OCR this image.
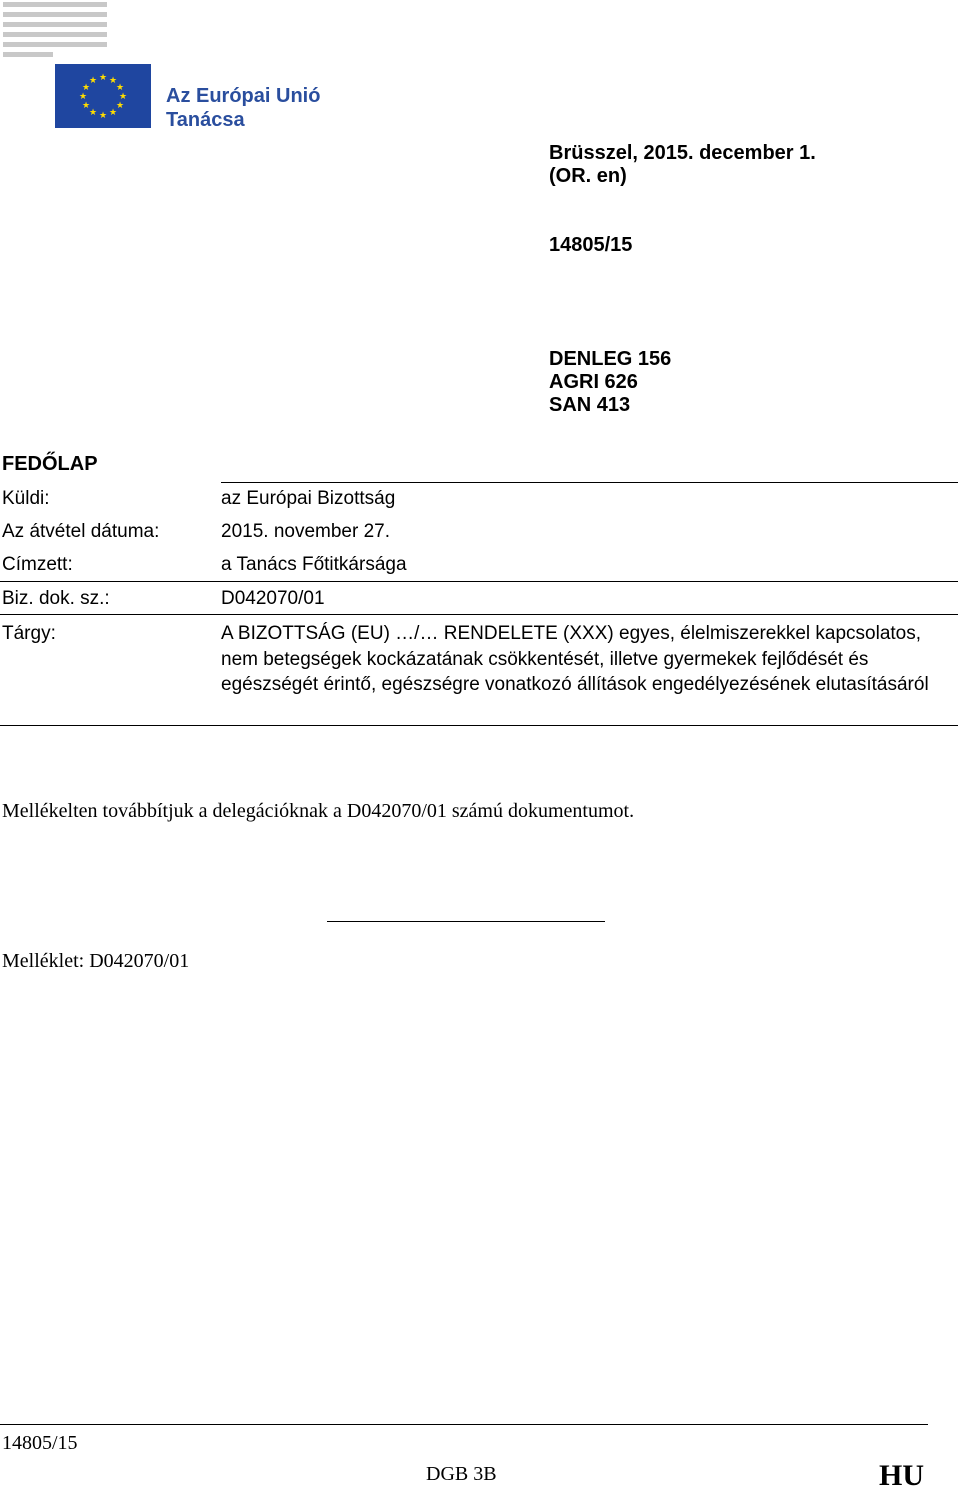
★ ★
★
★
★
★
★
★
★
★
★
★
Az Európai Unió
Tanácsa
Brüsszel, 2015. december 1.
(OR. en)
14805/15
DENLEG 156
AGRI 626
SAN 413
FEDŐLAP
Küldi:	az Európai Bizottság
Az átvétel dátuma:	2015. november 27.
Címzett:	a Tanács Főtitkársága
Biz. dok. sz.:	D042070/01
Tárgy:	A BIZOTTSÁG (EU) …/… RENDELETE (XXX) egyes, élelmiszerekkel kapcsolatos, nem betegségek kockázatának csökkentését, illetve gyermekek fejlődését és egészségét érintő, egészségre vonatkozó állítások engedélyezésének elutasításáról
Mellékelten továbbítjuk a delegációknak a D042070/01 számú dokumentumot.
Melléklet: D042070/01
14805/15
DGB 3B	HU
